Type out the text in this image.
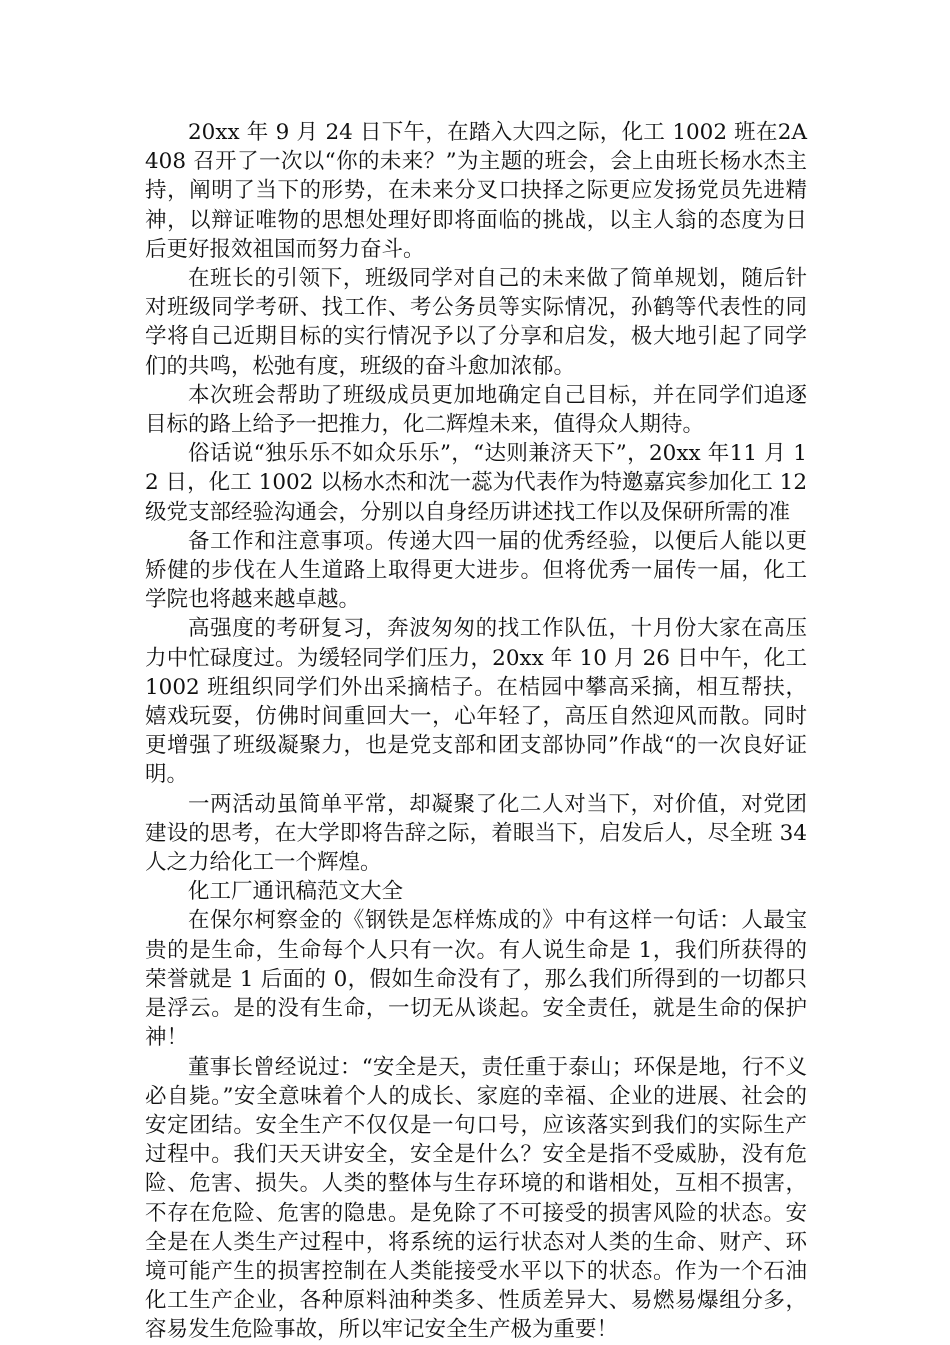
20xx 年 9 月 24 日下午，在踏入大四之际，化工 1002 班在2A408 召开了一次以“你的未来？”为主题的班会，会上由班长杨水杰主持，阐明了当下的形势，在未来分叉口抉择之际更应发扬党员先进精神，以辩证唯物的思想处理好即将面临的挑战，以主人翁的态度为日后更好报效祖国而努力奋斗。

在班长的引领下，班级同学对自己的未来做了简单规划，随后针对班级同学考研、找工作、考公务员等实际情况，孙鹤等代表性的同学将自己近期目标的实行情况予以了分享和启发，极大地引起了同学们的共鸣，松弛有度，班级的奋斗愈加浓郁。

本次班会帮助了班级成员更加地确定自己目标，并在同学们追逐目标的路上给予一把推力，化二辉煌未来，值得众人期待。

俗话说“独乐乐不如众乐乐”，“达则兼济天下”，20xx 年11 月 12 日，化工 1002 以杨水杰和沈一蕊为代表作为特邀嘉宾参加化工 12 级党支部经验沟通会，分别以自身经历讲述找工作以及保研所需的准

备工作和注意事项。传递大四一届的优秀经验，以便后人能以更矫健的步伐在人生道路上取得更大进步。但将优秀一届传一届，化工学院也将越来越卓越。

高强度的考研复习，奔波匆匆的找工作队伍，十月份大家在高压力中忙碌度过。为缓轻同学们压力，20xx 年 10 月 26 日中午，化工 1002 班组织同学们外出采摘桔子。在桔园中攀高采摘，相互帮扶，嬉戏玩耍，仿佛时间重回大一，心年轻了，高压自然迎风而散。同时更增强了班级凝聚力，也是党支部和团支部协同”作战“的一次良好证明。

一两活动虽简单平常，却凝聚了化二人对当下，对价值，对党团建设的思考，在大学即将告辞之际，着眼当下，启发后人，尽全班 34 人之力给化工一个辉煌。

化工厂通讯稿范文大全

在保尔柯察金的《钢铁是怎样炼成的》中有这样一句话：人最宝贵的是生命，生命每个人只有一次。有人说生命是 1，我们所获得的荣誉就是 1 后面的 0，假如生命没有了，那么我们所得到的一切都只是浮云。是的没有生命，一切无从谈起。安全责任，就是生命的保护神！

董事长曾经说过：“安全是天，责任重于泰山；环保是地，行不义必自毙。”安全意味着个人的成长、家庭的幸福、企业的进展、社会的安定团结。安全生产不仅仅是一句口号，应该落实到我们的实际生产过程中。我们天天讲安全，安全是什么？安全是指不受威胁，没有危险、危害、损失。人类的整体与生存环境的和谐相处，互相不损害，不存在危险、危害的隐患。是免除了不可接受的损害风险的状态。安全是在人类生产过程中，将系统的运行状态对人类的生命、财产、环境可能产生的损害控制在人类能接受水平以下的状态。作为一个石油化工生产企业，各种原料油种类多、性质差异大、易燃易爆组分多，容易发生危险事故，所以牢记安全生产极为重要！
